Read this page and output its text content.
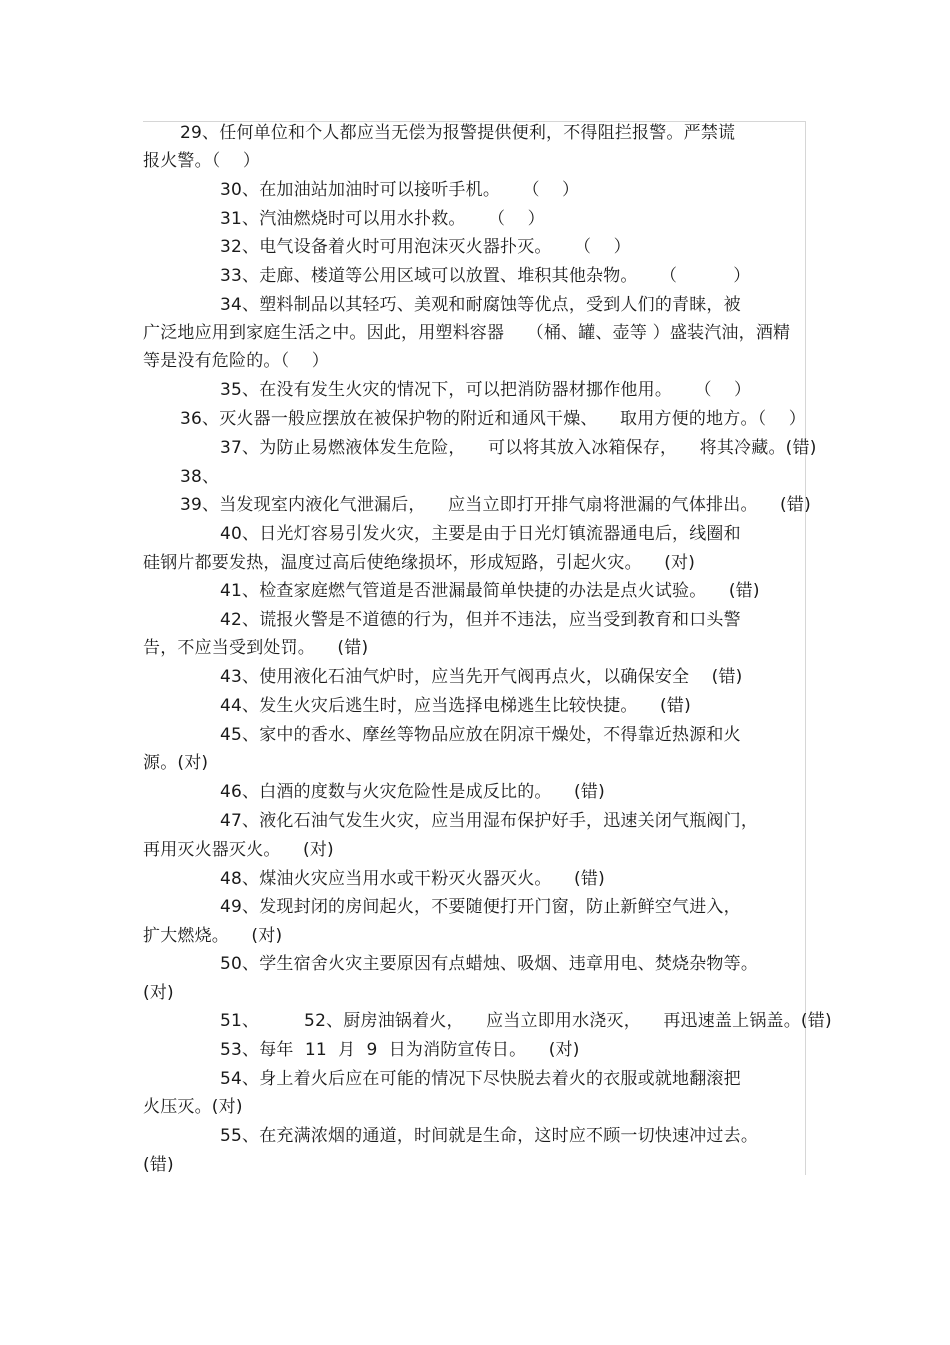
29、任何单位和个人都应当无偿为报警提供便利，不得阻拦报警。严禁谎
报火警。（    ）
30、在加油站加油时可以接听手机。    （    ）
31、汽油燃烧时可以用水扑救。    （    ）
32、电气设备着火时可用泡沫灭火器扑灭。    （    ）
33、走廊、楼道等公用区域可以放置、堆积其他杂物。    （          ）
34、塑料制品以其轻巧、美观和耐腐蚀等优点，受到人们的青睐，被
广泛地应用到家庭生活之中。因此，用塑料容器    （桶、罐、壶等 ）盛装汽油，酒精
等是没有危险的。（    ）
35、在没有发生火灾的情况下，可以把消防器材挪作他用。    （    ）
36、灭火器一般应摆放在被保护物的附近和通风干燥、    取用方便的地方。（    ）
37、为防止易燃液体发生危险，    可以将其放入冰箱保存，    将其冷藏。(错)
38、
39、当发现室内液化气泄漏后，    应当立即打开排气扇将泄漏的气体排出。    (错)
40、日光灯容易引发火灾，主要是由于日光灯镇流器通电后，线圈和
硅钢片都要发热，温度过高后使绝缘损坏，形成短路，引起火灾。    (对)
41、检查家庭燃气管道是否泄漏最简单快捷的办法是点火试验。    (错)
42、谎报火警是不道德的行为，但并不违法，应当受到教育和口头警
告，不应当受到处罚。    (错)
43、使用液化石油气炉时，应当先开气阀再点火，以确保安全    (错)
44、发生火灾后逃生时，应当选择电梯逃生比较快捷。    (错)
45、家中的香水、摩丝等物品应放在阴凉干燥处，不得靠近热源和火
源。(对)
46、白酒的度数与火灾危险性是成反比的。    (错)
47、液化石油气发生火灾，应当用湿布保护好手，迅速关闭气瓶阀门，
再用灭火器灭火。    (对)
48、煤油火灾应当用水或干粉灭火器灭火。    (错)
49、发现封闭的房间起火，不要随便打开门窗，防止新鲜空气进入，
扩大燃烧。    (对)
50、学生宿舍火灾主要原因有点蜡烛、吸烟、违章用电、焚烧杂物等。
(对)
51、        52、厨房油锅着火，    应当立即用水浇灭，    再迅速盖上锅盖。(错)
53、每年  11  月  9  日为消防宣传日。    (对)
54、身上着火后应在可能的情况下尽快脱去着火的衣服或就地翻滚把
火压灭。(对)
55、在充满浓烟的通道，时间就是生命，这时应不顾一切快速冲过去。
(错)
